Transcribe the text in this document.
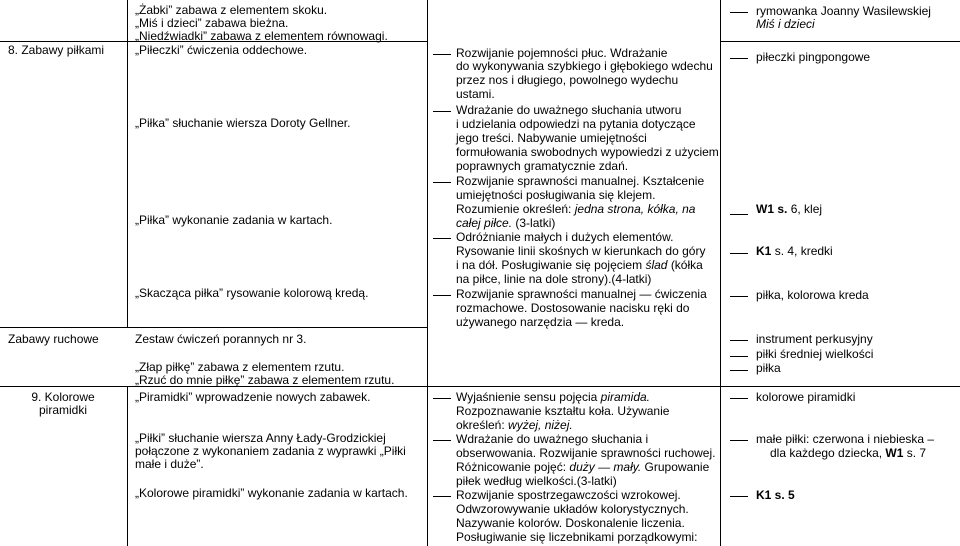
„Żabki” zabawa z elementem skoku.
„Miś i dzieci” zabawa bieżna.
„Niedźwiadki” zabawa z elementem równowagi.
8. Zabawy piłkami
Zabawy ruchowe
9. Kolorowe
piramidki
„Piłeczki” ćwiczenia oddechowe.
„Piłka” słuchanie wiersza Doroty Gellner.
„Piłka” wykonanie zadania w kartach.
„Skacząca piłka” rysowanie kolorową kredą.
Zestaw ćwiczeń porannych nr 3.
„Złap piłkę” zabawa z elementem rzutu.
„Rzuć do mnie piłkę” zabawa z elementem rzutu.
„Piramidki” wprowadzenie nowych zabawek.
„Piłki” słuchanie wiersza Anny Łady-Grodzickiej
połączone z wykonaniem zadania z wyprawki „Piłki
małe i duże”.
„Kolorowe piramidki” wykonanie zadania w kartach.
Rozwijanie pojemności płuc. Wdrażanie
do wykonywania szybkiego i głębokiego wdechu
przez nos i długiego, powolnego wydechu
ustami.
Wdrażanie do uważnego słuchania utworu
i udzielania odpowiedzi na pytania dotyczące
jego treści. Nabywanie umiejętności
formułowania swobodnych wypowiedzi z użyciem
poprawnych gramatycznie zdań.
Rozwijanie sprawności manualnej. Kształcenie
umiejętności posługiwania się klejem.
Rozumienie określeń: jedna strona, kółka, na
całej piłce. (3-latki)
Odróżnianie małych i dużych elementów.
Rysowanie linii skośnych w kierunkach do góry
i na dół. Posługiwanie się pojęciem ślad (kółka
na piłce, linie na dole strony).(4-latki)
Rozwijanie sprawności manualnej — ćwiczenia
rozmachowe. Dostosowanie nacisku ręki do
używanego narzędzia — kreda.
Wyjaśnienie sensu pojęcia piramida.
Rozpoznawanie kształtu koła. Używanie
określeń: wyżej, niżej.
Wdrażanie do uważnego słuchania i
obserwowania. Rozwijanie sprawności ruchowej.
Różnicowanie pojęć: duży — mały. Grupowanie
piłek według wielkości.(3-latki)
Rozwijanie spostrzegawczości wzrokowej.
Odwzorowywanie układów kolorystycznych.
Nazywanie kolorów. Doskonalenie liczenia.
Posługiwanie się liczebnikami porządkowymi:
rymowanka Joanny Wasilewskiej
Miś i dzieci
piłeczki pingpongowe
W1 s. 6, klej
K1 s. 4, kredki
piłka, kolorowa kreda
instrument perkusyjny
piłki średniej wielkości
piłka
kolorowe piramidki
małe piłki: czerwona i niebieska –
dla każdego dziecka, W1 s. 7
K1 s. 5
